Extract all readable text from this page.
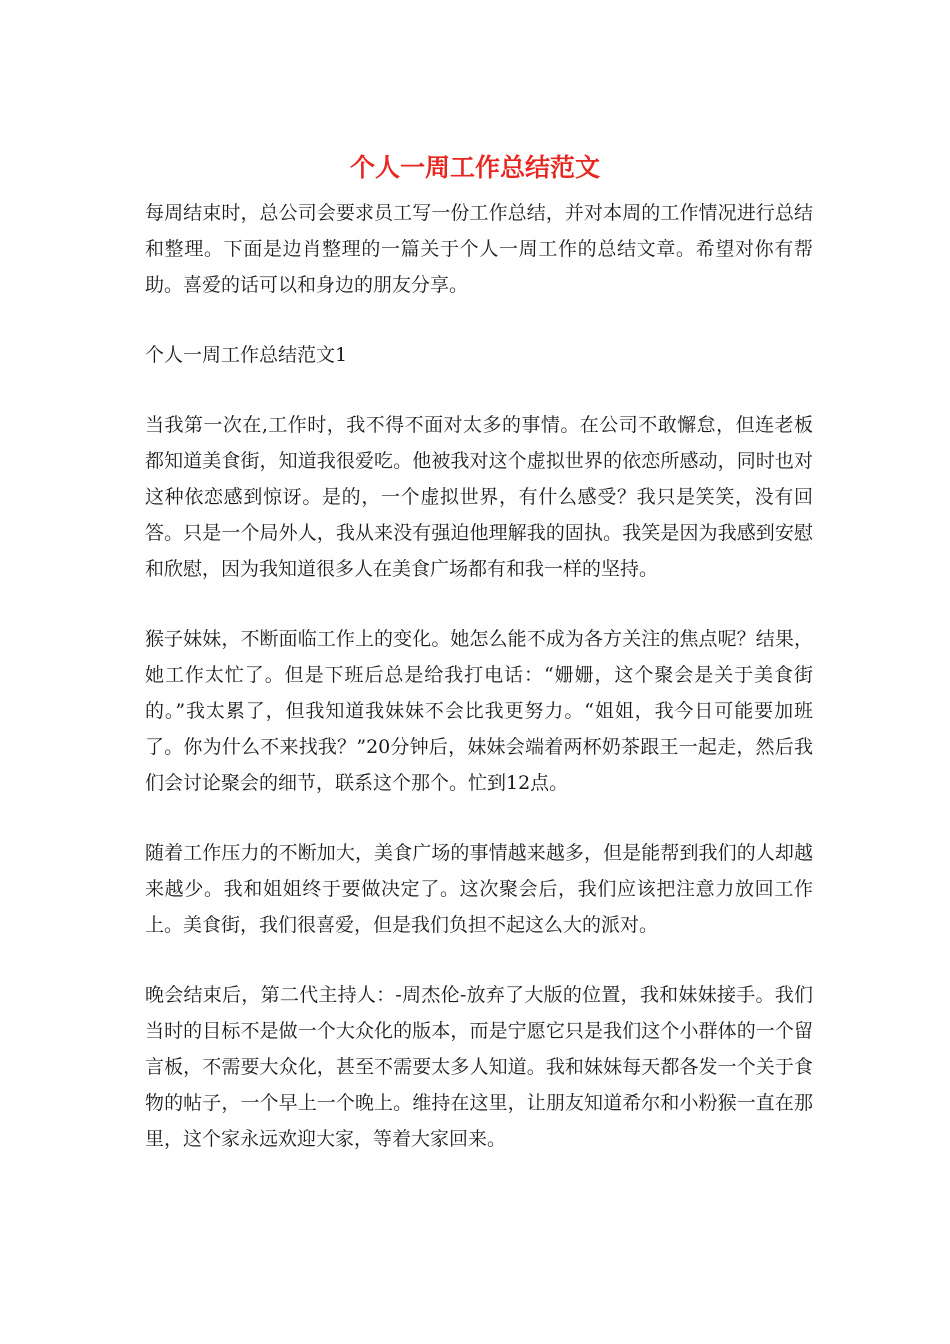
个人一周工作总结范文

每周结束时，总公司会要求员工写一份工作总结，并对本周的工作情况进行总结和整理。下面是边肖整理的一篇关于个人一周工作的总结文章。希望对你有帮助。喜爱的话可以和身边的朋友分享。

个人一周工作总结范文1

当我第一次在,工作时，我不得不面对太多的事情。在公司不敢懈怠，但连老板都知道美食街，知道我很爱吃。他被我对这个虚拟世界的依恋所感动，同时也对这种依恋感到惊讶。是的，一个虚拟世界，有什么感受？我只是笑笑，没有回答。只是一个局外人，我从来没有强迫他理解我的固执。我笑是因为我感到安慰和欣慰，因为我知道很多人在美食广场都有和我一样的坚持。

猴子妹妹，不断面临工作上的变化。她怎么能不成为各方关注的焦点呢？结果，她工作太忙了。但是下班后总是给我打电话：“姗姗，这个聚会是关于美食街的。”我太累了，但我知道我妹妹不会比我更努力。“姐姐，我今日可能要加班了。你为什么不来找我？”20分钟后，妹妹会端着两杯奶茶跟王一起走，然后我们会讨论聚会的细节，联系这个那个。忙到12点。

随着工作压力的不断加大，美食广场的事情越来越多，但是能帮到我们的人却越来越少。我和姐姐终于要做决定了。这次聚会后，我们应该把注意力放回工作上。美食街，我们很喜爱，但是我们负担不起这么大的派对。

晚会结束后，第二代主持人：-周杰伦-放弃了大版的位置，我和妹妹接手。我们当时的目标不是做一个大众化的版本，而是宁愿它只是我们这个小群体的一个留言板，不需要大众化，甚至不需要太多人知道。我和妹妹每天都各发一个关于食物的帖子，一个早上一个晚上。维持在这里，让朋友知道希尔和小粉猴一直在那里，这个家永远欢迎大家，等着大家回来。
